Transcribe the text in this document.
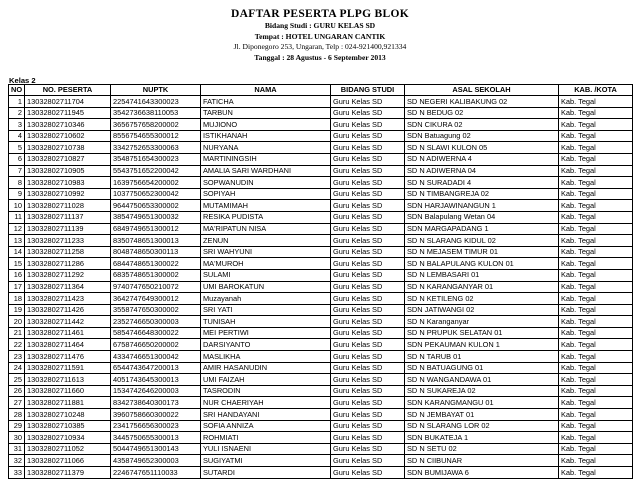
DAFTAR PESERTA PLPG BLOK
Bidang Studi : GURU KELAS SD
Tempat : HOTEL UNGARAN CANTIK
Jl. Diponegoro 253, Ungaran, Telp : 024-921400,921334
Tanggal : 28 Agustus - 6 September 2013
Kelas 2
NO	NO. PESERTA	NUPTK	NAMA	BIDANG STUDI	ASAL SEKOLAH	KAB. /KOTA
1	13032802711704	2254741643300023	FATICHA	Guru Kelas SD	SD NEGERI KALIBAKUNG 02	Kab. Tegal
2	13032802711945	3542736638110053	TARBUN	Guru Kelas SD	SD N BEDUG 02	Kab. Tegal
3	13032802710346	3656757658200002	MUJIONO	Guru Kelas SD	SDN CIKURA 02	Kab. Tegal
4	13032802710602	8556754655300012	ISTIKHANAH	Guru Kelas SD	SDN Batuagung 02	Kab. Tegal
5	13032802710738	3342752653300063	NURYANA	Guru Kelas SD	SD N SLAWI KULON 05	Kab. Tegal
6	13032802710827	3548751654300023	MARTININGSIH	Guru Kelas SD	SD N ADIWERNA 4	Kab. Tegal
7	13032802710905	5543751652200042	AMALIA SARI WARDHANI	Guru Kelas SD	SD N ADIWERNA 04	Kab. Tegal
8	13032802710983	1639756654200002	SOPWANUDIN	Guru Kelas SD	SD N SURADADI 4	Kab. Tegal
9	13032802710992	1037750652300042	SOPIYAH	Guru Kelas SD	SD N TIMBANGREJA 02	Kab. Tegal
10	13032802711028	9644750653300002	MUTAMIMAH	Guru Kelas SD	SDN HARJAWINANGUN 1	Kab. Tegal
11	13032802711137	3854749651300032	RESIKA PUDISTA	Guru Kelas SD	SDN Balapulang Wetan 04	Kab. Tegal
12	13032802711139	6849749651300012	MA'RIPATUN NISA	Guru Kelas SD	SDN MARGAPADANG 1	Kab. Tegal
13	13032802711233	8350748651300013	ZENUN	Guru Kelas SD	SD N SLARANG KIDUL 02	Kab. Tegal
14	13032802711258	8048748650300113	SRI WAHYUNI	Guru Kelas SD	SD N MEJASEM TIMUR 01	Kab. Tegal
15	13032802711286	6844748651300022	MA'MUROH	Guru Kelas SD	SD N BALAPULANG KULON 01	Kab. Tegal
16	13032802711292	6835748651300002	SULAMI	Guru Kelas SD	SD N LEMBASARI 01	Kab. Tegal
17	13032802711364	9740747650210072	UMI BAROKATUN	Guru Kelas SD	SD N KARANGANYAR 01	Kab. Tegal
18	13032802711423	3642747649300012	Muzayanah	Guru Kelas SD	SD N KETILENG 02	Kab. Tegal
19	13032802711426	3558747650300002	SRI YATI	Guru Kelas SD	SDN JATIWANGI 02	Kab. Tegal
20	13032802711442	2352746650300003	TUNISAH	Guru Kelas SD	SD N Karanganyar	Kab. Tegal
21	13032802711461	5854746648300022	MEI PERTIWI	Guru Kelas SD	SD N PRUPUK SELATAN 01	Kab. Tegal
22	13032802711464	6758746650200002	DARSIYANTO	Guru Kelas SD	SDN PEKAUMAN KULON 1	Kab. Tegal
23	13032802711476	4334746651300042	MASLIKHA	Guru Kelas SD	SD N TARUB 01	Kab. Tegal
24	13032802711591	6544743647200013	AMIR HASANUDIN	Guru Kelas SD	SD N BATUAGUNG 01	Kab. Tegal
25	13032802711613	4051743645300013	UMI FAIZAH	Guru Kelas SD	SD N WANGANDAWA 01	Kab. Tegal
26	13032802711660	1534742646200003	TASRODIN	Guru Kelas SD	SD N SUKAREJA 02	Kab. Tegal
27	13032802711881	8342738640300173	NUR CHAERIYAH	Guru Kelas SD	SDN KARANGMANGU 01	Kab. Tegal
28	13032802710248	3960758660300022	SRI HANDAYANI	Guru Kelas SD	SD N JEMBAYAT 01	Kab. Tegal
29	13032802710385	2341756656300023	SOFIA ANNIZA	Guru Kelas SD	SD N SLARANG LOR 02	Kab. Tegal
30	13032802710934	3445750655300013	ROHMIATI	Guru Kelas SD	SDN BUKATEJA 1	Kab. Tegal
31	13032802711052	5044749651300143	YULI ISNAENI	Guru Kelas SD	SD N SETU 02	Kab. Tegal
32	13032802711066	4358749652300003	SUGIYATMI	Guru Kelas SD	SD N CIIBUNAR	Kab. Tegal
33	13032802711379	2246747651110033	SUTARDI	Guru Kelas SD	SDN BUMIJAWA 6	Kab. Tegal
